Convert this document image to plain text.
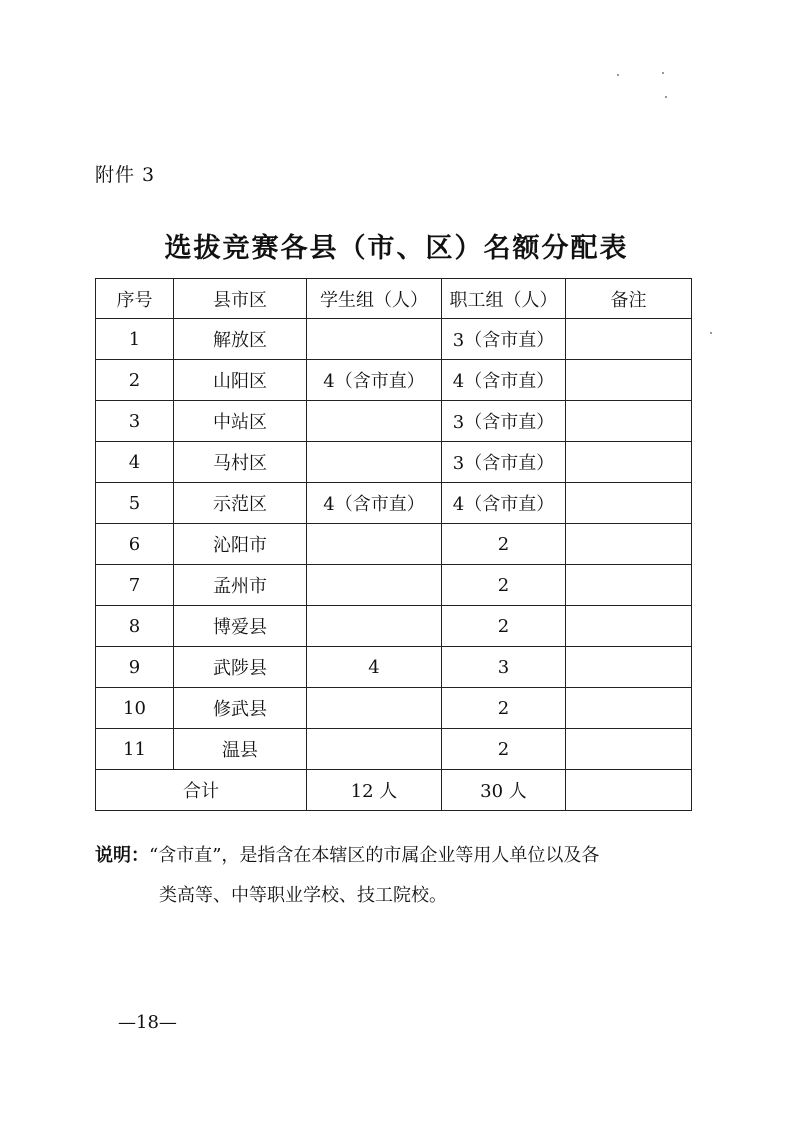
附件 3
选拔竞赛各县（市、区）名额分配表
序号	县市区	学生组（人）	职工组（人）	备注
1	解放区		3（含市直）	
2	山阳区	4（含市直）	4（含市直）	
3	中站区		3（含市直）	
4	马村区		3（含市直）	
5	示范区	4（含市直）	4（含市直）	
6	沁阳市		2	
7	孟州市		2	
8	博爱县		2	
9	武陟县	4	3	
10	修武县		2	
11	温县		2	
合计		12 人	30 人	
说明：“含市直”，是指含在本辖区的市属企业等用人单位以及各
类高等、中等职业学校、技工院校。
—18—
